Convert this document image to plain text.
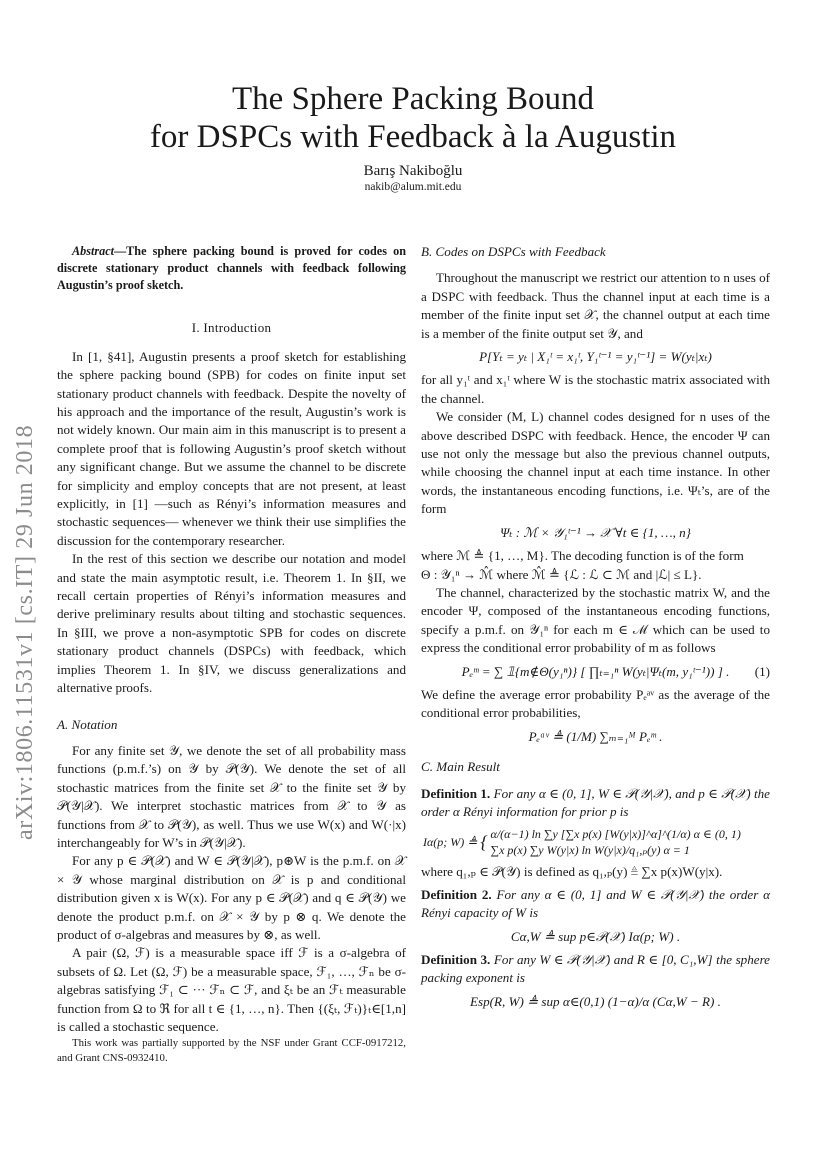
The Sphere Packing Bound
for DSPCs with Feedback à la Augustin
Barış Nakiboğlu
nakib@alum.mit.edu
arXiv:1806.11531v1 [cs.IT] 29 Jun 2018

Abstract—The sphere packing bound is proved for codes on discrete stationary product channels with feedback following Augustin’s proof sketch.

I. Introduction

In [1, §41], Augustin presents a proof sketch for establishing the sphere packing bound (SPB) for codes on finite input set stationary product channels with feedback. Despite the novelty of his approach and the importance of the result, Augustin’s work is not widely known. Our main aim in this manuscript is to present a complete proof that is following Augustin’s proof sketch without any significant change. But we assume the channel to be discrete for simplicity and employ concepts that are not present, at least explicitly, in [1] —such as Rényi’s information measures and stochastic sequences— whenever we think their use simplifies the discussion for the contemporary researcher.

In the rest of this section we describe our notation and model and state the main asymptotic result, i.e. Theorem 1. In §II, we recall certain properties of Rényi’s information measures and derive preliminary results about tilting and stochastic sequences. In §III, we prove a non-asymptotic SPB for codes on discrete stationary product channels (DSPCs) with feedback, which implies Theorem 1. In §IV, we discuss generalizations and alternative proofs.

A. Notation

For any finite set 𝒴, we denote the set of all probability mass functions (p.m.f.’s) on 𝒴 by 𝒫(𝒴). We denote the set of all stochastic matrices from the finite set 𝒳 to the finite set 𝒴 by 𝒫(𝒴|𝒳). We interpret stochastic matrices from 𝒳 to 𝒴 as functions from 𝒳 to 𝒫(𝒴), as well. Thus we use W(x) and W(·|x) interchangeably for W’s in 𝒫(𝒴|𝒳).

For any p ∈ 𝒫(𝒳) and W ∈ 𝒫(𝒴|𝒳), p⊛W is the p.m.f. on 𝒳 × 𝒴 whose marginal distribution on 𝒳 is p and conditional distribution given x is W(x). For any p ∈ 𝒫(𝒳) and q ∈ 𝒫(𝒴) we denote the product p.m.f. on 𝒳 × 𝒴 by p ⊗ q. We denote the product of σ-algebras and measures by ⊗, as well.

A pair (Ω, ℱ) is a measurable space iff ℱ is a σ-algebra of subsets of Ω. Let (Ω, ℱ) be a measurable space, ℱ₁, …, ℱₙ be σ-algebras satisfying ℱ₁ ⊂ ··· ℱₙ ⊂ ℱ, and ξₜ be an ℱₜ measurable function from Ω to ℜ for all t ∈ {1, …, n}. Then {(ξₜ, ℱₜ)}ₜ∈[1,n] is called a stochastic sequence.

This work was partially supported by the NSF under Grant CCF-0917212, and Grant CNS-0932410.

B. Codes on DSPCs with Feedback

Throughout the manuscript we restrict our attention to n uses of a DSPC with feedback. Thus the channel input at each time is a member of the finite input set 𝒳, the channel output at each time is a member of the finite output set 𝒴, and

P[Yₜ = yₜ | X₁ᵗ = x₁ᵗ, Y₁ᵗ⁻¹ = y₁ᵗ⁻¹] = W(yₜ|xₜ)

for all y₁ᵗ and x₁ᵗ where W is the stochastic matrix associated with the channel.

We consider (M, L) channel codes designed for n uses of the above described DSPC with feedback. Hence, the encoder Ψ can use not only the message but also the previous channel outputs, while choosing the channel input at each time instance. In other words, the instantaneous encoding functions, i.e. Ψₜ’s, are of the form

Ψₜ : ℳ × 𝒴₁ᵗ⁻¹ → 𝒳 ∀t ∈ {1, …, n}

where ℳ ≜ {1, …, M}. The decoding function is of the form

Θ : 𝒴₁ⁿ → ℳ̂ where ℳ̂ ≜ {ℒ : ℒ ⊂ ℳ and |ℒ| ≤ L}.

The channel, characterized by the stochastic matrix W, and the encoder Ψ, composed of the instantaneous encoding functions, specify a p.m.f. on 𝒴₁ⁿ for each m ∈ ℳ which can be used to express the conditional error probability of m as follows

Pₑᵐ = ∑ 𝟙{m∉Θ(y₁ⁿ)} [ ∏ₜ₌₁ⁿ W(yₜ|Ψₜ(m, y₁ᵗ⁻¹)) ] . (1)

We define the average error probability Pₑᵃᵛ as the average of the conditional error probabilities,

Pₑᵃᵛ ≜ (1/M) ∑ₘ₌₁ᴹ Pₑᵐ .
C. Main Result

Definition 1. For any α ∈ (0, 1], W ∈ 𝒫(𝒴|𝒳), and p ∈ 𝒫(𝒳) the order α Rényi information for prior p is

Iα(p; W) ≜ { α/(α−1) ln ∑y [∑x p(x) [W(y|x)]^α]^(1/α) α ∈ (0, 1)
∑x p(x) ∑y W(y|x) ln W(y|x)/q₁,ₚ(y) α = 1

where q₁,ₚ ∈ 𝒫(𝒴) is defined as q₁,ₚ(y) ≜ ∑x p(x)W(y|x).

Definition 2. For any α ∈ (0, 1] and W ∈ 𝒫(𝒴|𝒳) the order α Rényi capacity of W is

Cα,W ≜ sup p∈𝒫(𝒳) Iα(p; W) .

Definition 3. For any W ∈ 𝒫(𝒴|𝒳) and R ∈ [0, C₁,W] the sphere packing exponent is

Esp(R, W) ≜ sup α∈(0,1) (1−α)/α (Cα,W − R) .
